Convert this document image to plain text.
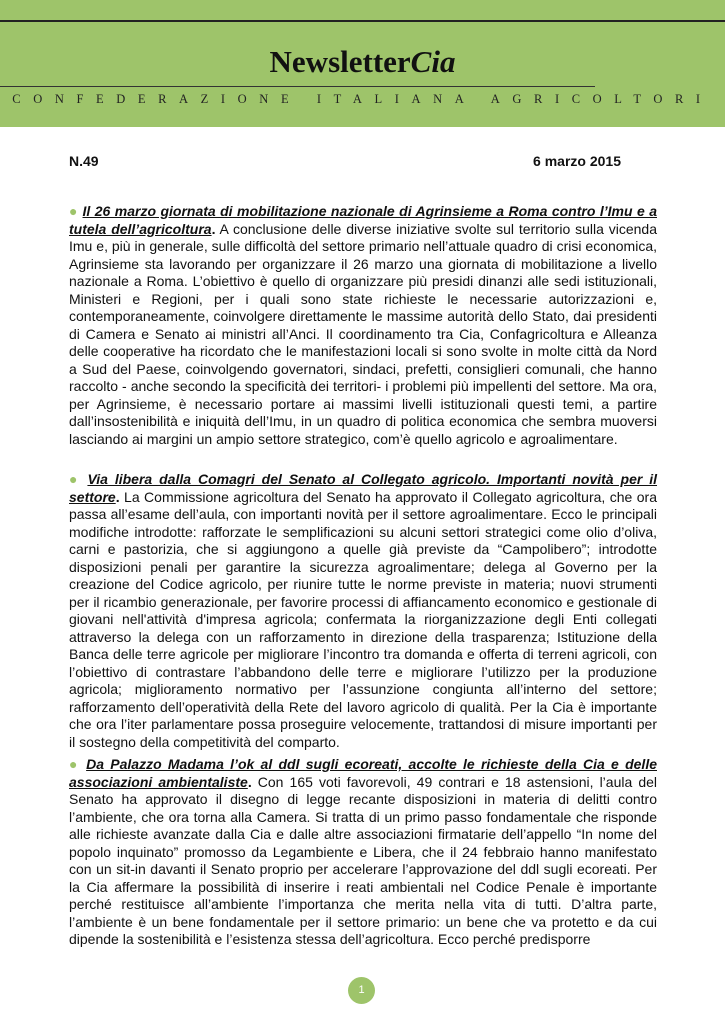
NewsletterCia
CONFEDERAZIONE ITALIANA AGRICOLTORI
N.49	6 marzo 2015
● Il 26 marzo giornata di mobilitazione nazionale di Agrinsieme a Roma contro l’Imu e a tutela dell’agricoltura. A conclusione delle diverse iniziative svolte sul territorio sulla vicenda Imu e, più in generale, sulle difficoltà del settore primario nell’attuale quadro di crisi economica, Agrinsieme sta lavorando per organizzare il 26 marzo una giornata di mobilitazione a livello nazionale a Roma. L’obiettivo è quello di organizzare più presidi dinanzi alle sedi istituzionali, Ministeri e Regioni, per i quali sono state richieste le necessarie autorizzazioni e, contemporaneamente, coinvolgere direttamente le massime autorità dello Stato, dai presidenti di Camera e Senato ai ministri all’Anci. Il coordinamento tra Cia, Confagricoltura e Alleanza delle cooperative ha ricordato che le manifestazioni locali si sono svolte in molte città da Nord a Sud del Paese, coinvolgendo governatori, sindaci, prefetti, consiglieri comunali, che hanno raccolto - anche secondo la specificità dei territori- i problemi più impellenti del settore. Ma ora, per Agrinsieme, è necessario portare ai massimi livelli istituzionali questi temi, a partire dall’insostenibilità e iniquità dell’Imu, in un quadro di politica economica che sembra muoversi lasciando ai margini un ampio settore strategico, com’è quello agricolo e agroalimentare.
● Via libera dalla Comagri del Senato al Collegato agricolo. Importanti novità per il settore. La Commissione agricoltura del Senato ha approvato il Collegato agricoltura, che ora passa all’esame dell’aula, con importanti novità per il settore agroalimentare. Ecco le principali modifiche introdotte: rafforzate le semplificazioni su alcuni settori strategici come olio d’oliva, carni e pastorizia, che si aggiungono a quelle già previste da “Campolibero”; introdotte disposizioni penali per garantire la sicurezza agroalimentare; delega al Governo per la creazione del Codice agricolo, per riunire tutte le norme previste in materia; nuovi strumenti per il ricambio generazionale, per favorire processi di affiancamento economico e gestionale di giovani nell'attività d'impresa agricola; confermata la riorganizzazione degli Enti collegati attraverso la delega con un rafforzamento in direzione della trasparenza; Istituzione della Banca delle terre agricole per migliorare l’incontro tra domanda e offerta di terreni agricoli, con l’obiettivo di contrastare l’abbandono delle terre e migliorare l’utilizzo per la produzione agricola; miglioramento normativo per l’assunzione congiunta all’interno del settore; rafforzamento dell’operatività della Rete del lavoro agricolo di qualità. Per la Cia è importante che ora l’iter parlamentare possa proseguire velocemente, trattandosi di misure importanti per il sostegno della competitività del comparto.
● Da Palazzo Madama l’ok al ddl sugli ecoreati, accolte le richieste della Cia e delle associazioni ambientaliste. Con 165 voti favorevoli, 49 contrari e 18 astensioni, l’aula del Senato ha approvato il disegno di legge recante disposizioni in materia di delitti contro l’ambiente, che ora torna alla Camera. Si tratta di un primo passo fondamentale che risponde alle richieste avanzate dalla Cia e dalle altre associazioni firmatarie dell’appello “In nome del popolo inquinato” promosso da Legambiente e Libera, che il 24 febbraio hanno manifestato con un sit-in davanti il Senato proprio per accelerare l’approvazione del ddl sugli ecoreati. Per la Cia affermare la possibilità di inserire i reati ambientali nel Codice Penale è importante perché restituisce all’ambiente l’importanza che merita nella vita di tutti. D’altra parte, l’ambiente è un bene fondamentale per il settore primario: un bene che va protetto e da cui dipende la sostenibilità e l’esistenza stessa dell’agricoltura. Ecco perché predisporre
1
